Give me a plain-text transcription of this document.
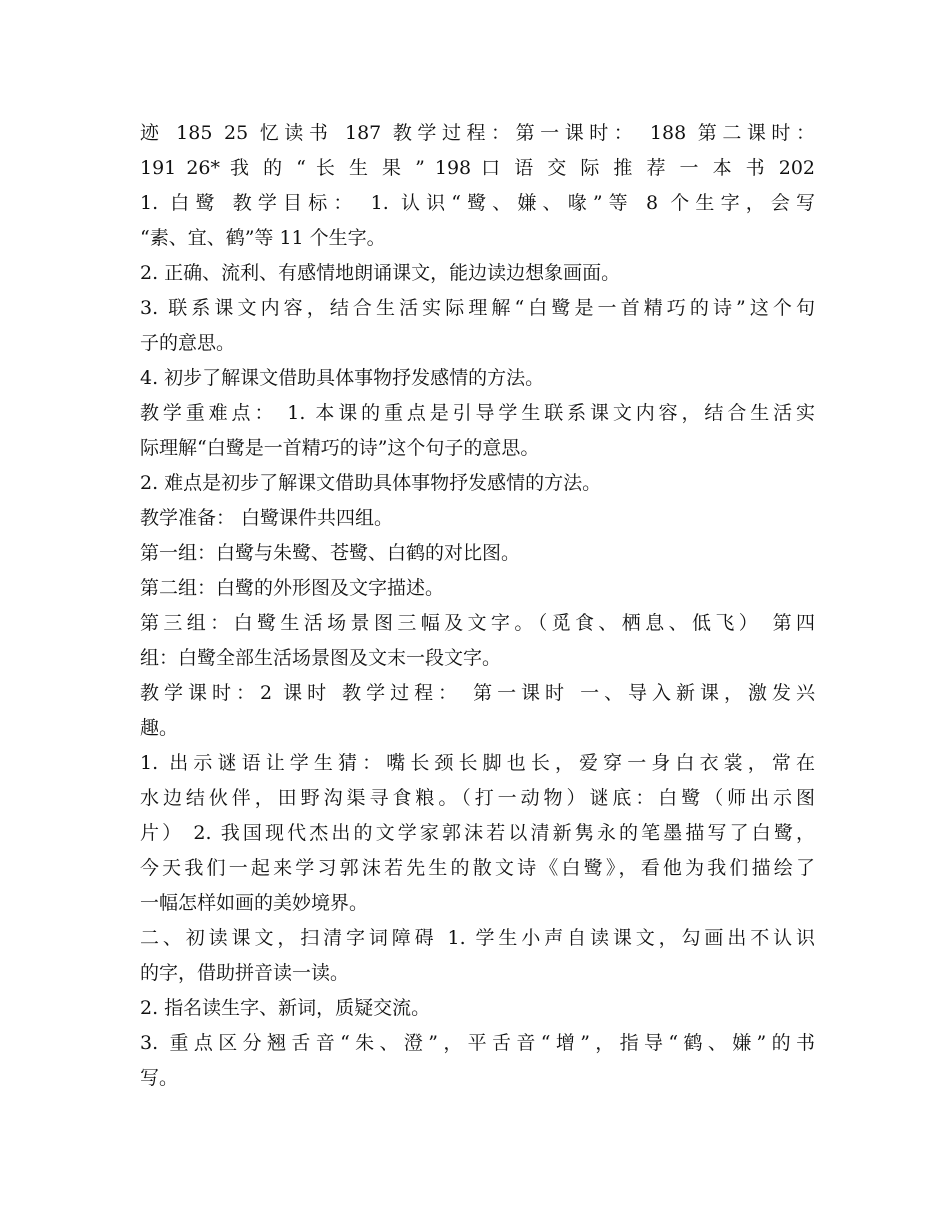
迹 185 25 忆读书 187 教学过程：第一课时： 188 第二课时：
191 26* 我 的 “ 长 生 果 ” 198 口 语 交 际 推 荐 一 本 书 202
1. 白鹭 教学目标： 1. 认识“鹭、嫌、喙”等 8 个生字，会写
“素、宜、鹤”等 11 个生字。
2. 正确、流利、有感情地朗诵课文，能边读边想象画面。
3. 联系课文内容，结合生活实际理解“白鹭是一首精巧的诗”这个句
子的意思。
4. 初步了解课文借助具体事物抒发感情的方法。
教学重难点： 1. 本课的重点是引导学生联系课文内容，结合生活实
际理解“白鹭是一首精巧的诗”这个句子的意思。
2. 难点是初步了解课文借助具体事物抒发感情的方法。
教学准备： 白鹭课件共四组。
第一组：白鹭与朱鹭、苍鹭、白鹤的对比图。
第二组：白鹭的外形图及文字描述。
第三组：白鹭生活场景图三幅及文字。（觅食、栖息、低飞） 第四
组：白鹭全部生活场景图及文末一段文字。
教学课时：2 课时 教学过程： 第一课时 一、导入新课，激发兴
趣。
1. 出示谜语让学生猜：嘴长颈长脚也长，爱穿一身白衣裳，常在
水边结伙伴，田野沟渠寻食粮。（打一动物）谜底：白鹭（师出示图
片） 2. 我国现代杰出的文学家郭沫若以清新隽永的笔墨描写了白鹭，
今天我们一起来学习郭沫若先生的散文诗《白鹭》，看他为我们描绘了
一幅怎样如画的美妙境界。
二、初读课文，扫清字词障碍 1. 学生小声自读课文，勾画出不认识
的字，借助拼音读一读。
2. 指名读生字、新词，质疑交流。
3. 重点区分翘舌音“朱、澄”，平舌音“增”，指导“鹤、嫌”的书
写。
